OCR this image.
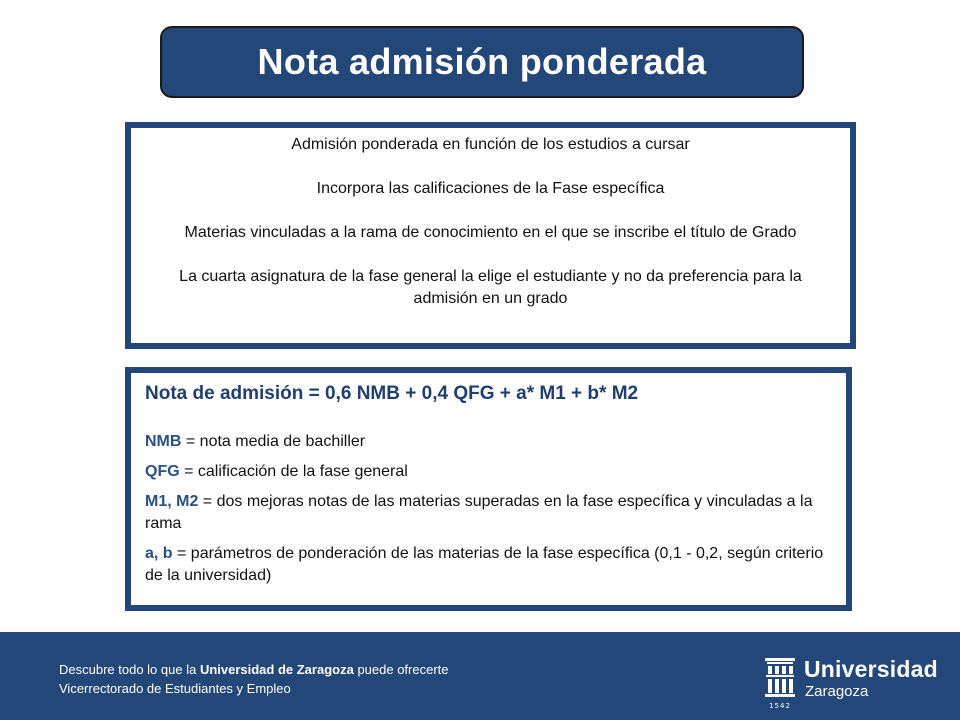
Nota admisión ponderada

Admisión ponderada en función de los estudios a cursar

Incorpora las calificaciones de la Fase específica

Materias vinculadas a la rama de conocimiento en el que se inscribe el título de Grado

La cuarta asignatura de la fase general la elige el estudiante y no da preferencia para la admisión en un grado

Nota de admisión = 0,6 NMB + 0,4 QFG + a* M1 + b* M2

NMB = nota media de bachiller

QFG = calificación de la fase general

M1, M2 = dos mejoras notas de las materias superadas en la fase específica y vinculadas a la rama

a, b = parámetros de ponderación de las materias de la fase específica (0,1 - 0,2, según criterio de la universidad)

Descubre todo lo que la Universidad de Zaragoza puede ofrecerte
Vicerrectorado de Estudiantes y Empleo
1542
Universidad
Zaragoza
